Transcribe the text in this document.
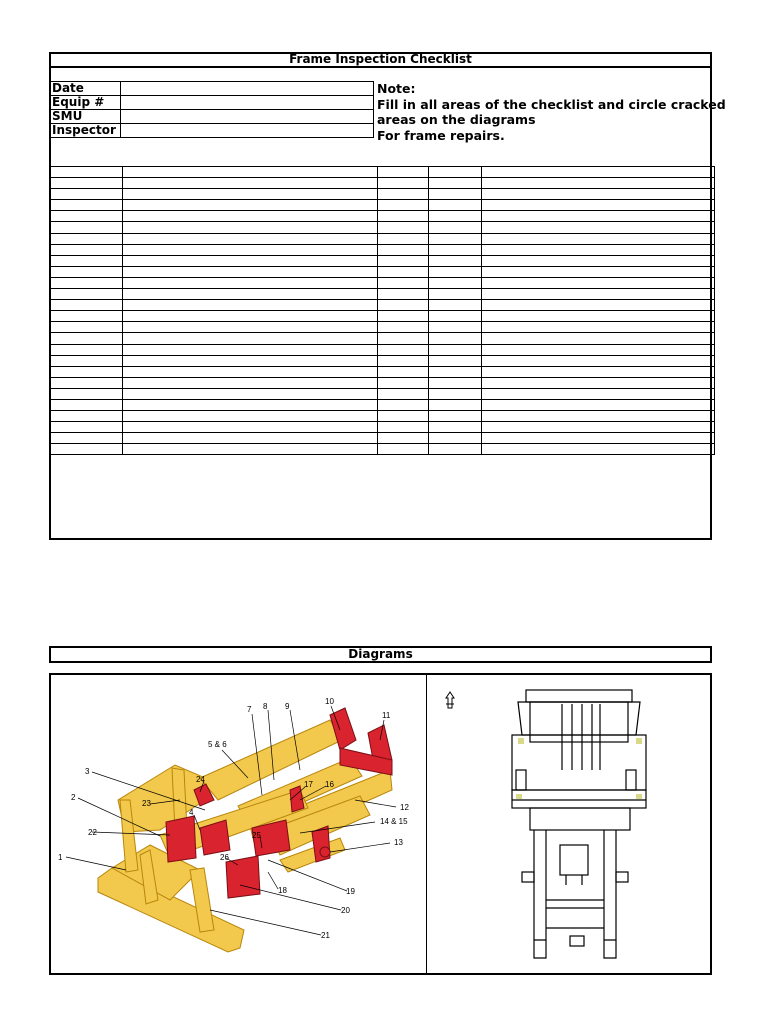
Frame Inspection Checklist
Date	
Equip #	
SMU	
Inspector	
Note:
Fill in all areas of the checklist and circle cracked
areas on the diagrams
For frame repairs.

Diagrams
1
2
3
4
5 & 6
7 8 9
10
11
12
13
14 & 15
16
17
18	19
20
21
22
23
24
25
26
